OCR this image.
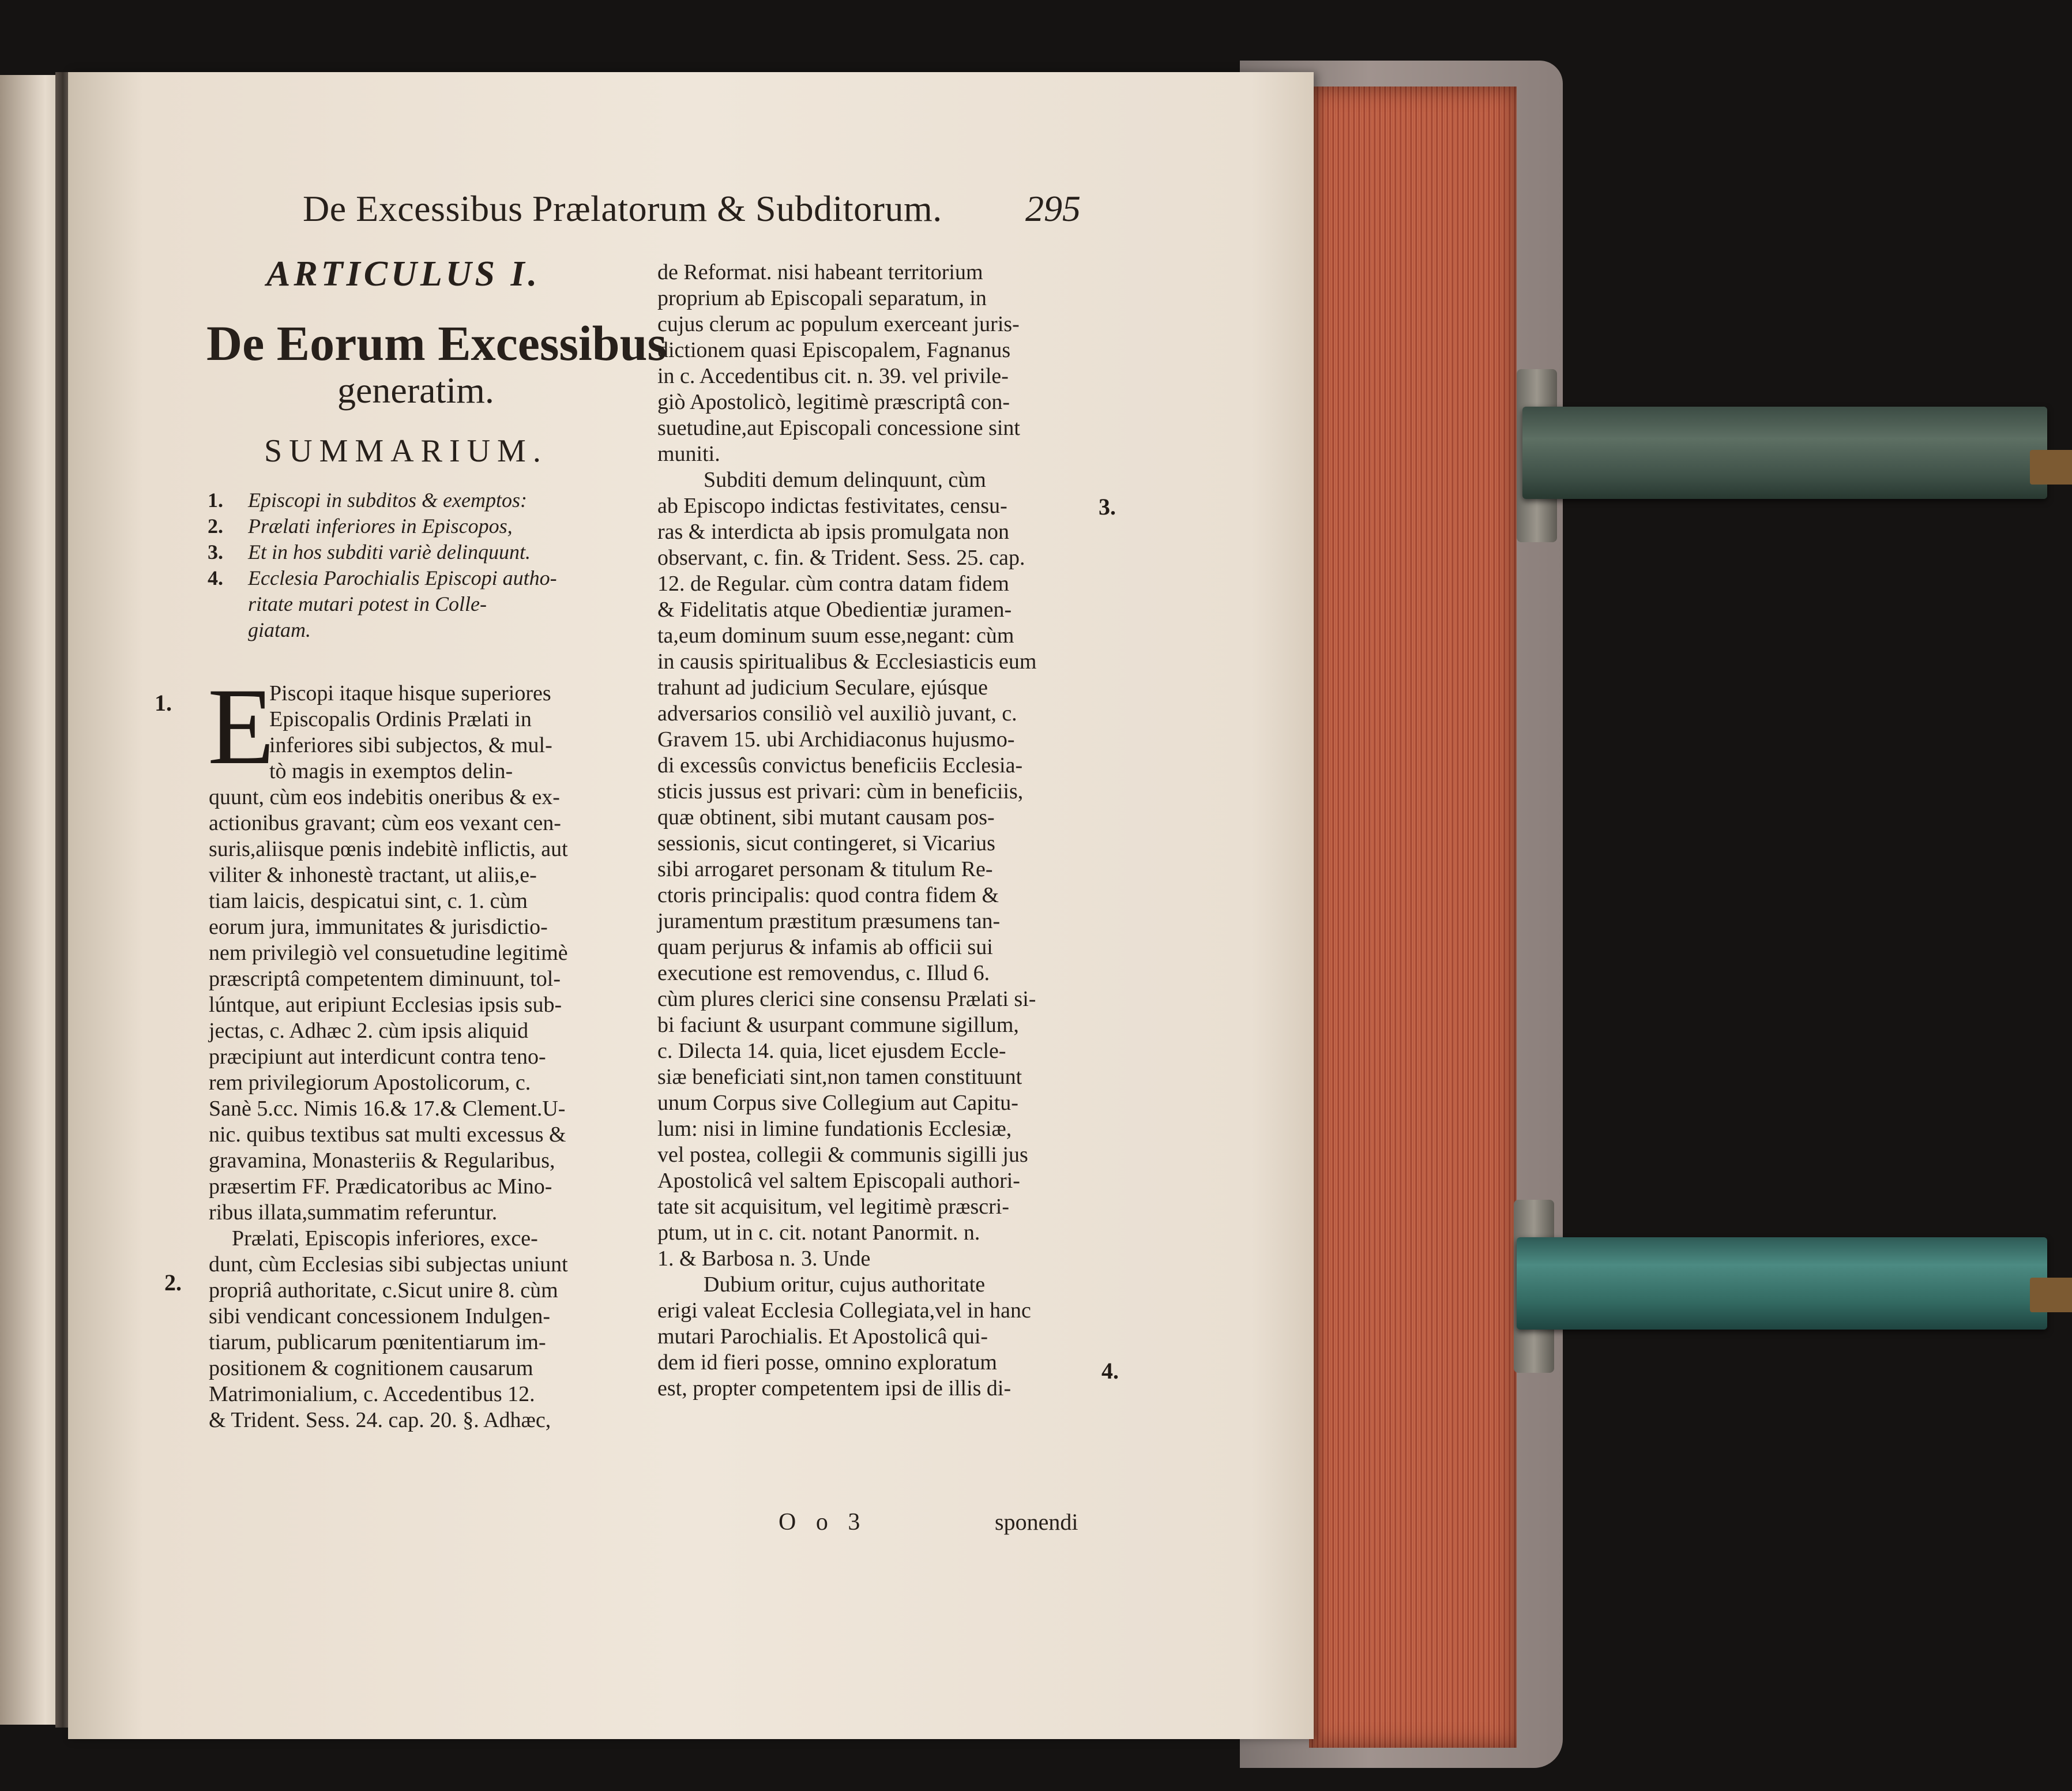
De Excessibus Prælatorum & Subditorum. 295
ARTICULUS I.
De Eorum Excessibus
generatim.
SUMMARIUM.
1. Episcopi in subditos & exemptos:
2. Prælati inferiores in Episcopos,
3. Et in hos subditi variè delinquunt.
4. Ecclesia Parochialis Episcopi autho-
ritate mutari potest in Colle-
giatam.
1.
2.
3.
4.
E
Piscopi itaque hisque superiores
Episcopalis Ordinis Prælati in
inferiores sibi subjectos, & mul-
tò magis in exemptos delin-
quunt, cùm eos indebitis oneribus & ex-
actionibus gravant; cùm eos vexant cen-
suris,aliisque pœnis indebitè inflictis, aut
viliter & inhonestè tractant, ut aliis,e-
tiam laicis, despicatui sint, c. 1. cùm
eorum jura, immunitates & jurisdictio-
nem privilegiò vel consuetudine legitimè
præscriptâ competentem diminuunt, tol-
lúntque, aut eripiunt Ecclesias ipsis sub-
jectas, c. Adhæc 2. cùm ipsis aliquid
præcipiunt aut interdicunt contra teno-
rem privilegiorum Apostolicorum, c.
Sanè 5.cc. Nimis 16.& 17.& Clement.U-
nic. quibus textibus sat multi excessus &
gravamina, Monasteriis & Regularibus,
præsertim FF. Prædicatoribus ac Mino-
ribus illata,summatim referuntur.
Prælati, Episcopis inferiores, exce-
dunt, cùm Ecclesias sibi subjectas uniunt
propriâ authoritate, c.Sicut unire 8. cùm
sibi vendicant concessionem Indulgen-
tiarum, publicarum pœnitentiarum im-
positionem & cognitionem causarum
Matrimonialium, c. Accedentibus 12.
& Trident. Sess. 24. cap. 20. §. Adhæc,
de Reformat. nisi habeant territorium
proprium ab Episcopali separatum, in
cujus clerum ac populum exerceant juris-
dictionem quasi Episcopalem, Fagnanus
in c. Accedentibus cit. n. 39. vel privile-
giò Apostolicò, legitimè præscriptâ con-
suetudine,aut Episcopali concessione sint
muniti.
Subditi demum delinquunt, cùm
ab Episcopo indictas festivitates, censu-
ras & interdicta ab ipsis promulgata non
observant, c. fin. & Trident. Sess. 25. cap.
12. de Regular. cùm contra datam fidem
& Fidelitatis atque Obedientiæ juramen-
ta,eum dominum suum esse,negant: cùm
in causis spiritualibus & Ecclesiasticis eum
trahunt ad judicium Seculare, ejúsque
adversarios consiliò vel auxiliò juvant, c.
Gravem 15. ubi Archidiaconus hujusmo-
di excessûs convictus beneficiis Ecclesia-
sticis jussus est privari: cùm in beneficiis,
quæ obtinent, sibi mutant causam pos-
sessionis, sicut contingeret, si Vicarius
sibi arrogaret personam & titulum Re-
ctoris principalis: quod contra fidem &
juramentum præstitum præsumens tan-
quam perjurus & infamis ab officii sui
executione est removendus, c. Illud 6.
cùm plures clerici sine consensu Prælati si-
bi faciunt & usurpant commune sigillum,
c. Dilecta 14. quia, licet ejusdem Eccle-
siæ beneficiati sint,non tamen constituunt
unum Corpus sive Collegium aut Capitu-
lum: nisi in limine fundationis Ecclesiæ,
vel postea, collegii & communis sigilli jus
Apostolicâ vel saltem Episcopali authori-
tate sit acquisitum, vel legitimè præscri-
ptum, ut in c. cit. notant Panormit. n.
1. & Barbosa n. 3. Unde
Dubium oritur, cujus authoritate
erigi valeat Ecclesia Collegiata,vel in hanc
mutari Parochialis. Et Apostolicâ qui-
dem id fieri posse, omnino exploratum
est, propter competentem ipsi de illis di-
O o 3	sponendi
